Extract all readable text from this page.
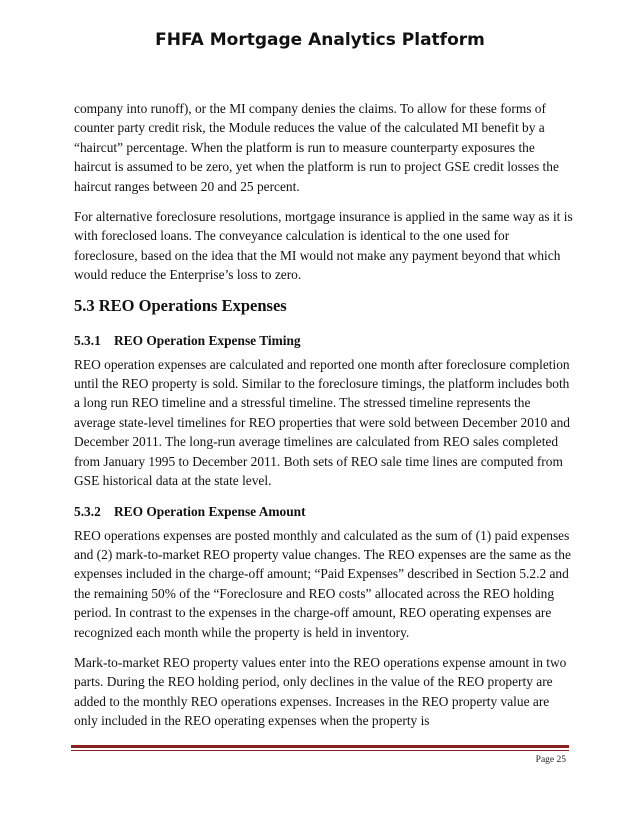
FHFA Mortgage Analytics Platform

company into runoff), or the MI company denies the claims. To allow for these forms of counter party credit risk, the Module reduces the value of the calculated MI benefit by a “haircut” percentage. When the platform is run to measure counterparty exposures the haircut is assumed to be zero, yet when the platform is run to project GSE credit losses the haircut ranges between 20 and 25 percent.

For alternative foreclosure resolutions, mortgage insurance is applied in the same way as it is with foreclosed loans. The conveyance calculation is identical to the one used for foreclosure, based on the idea that the MI would not make any payment beyond that which would reduce the Enterprise’s loss to zero.

5.3 REO Operations Expenses
5.3.1 REO Operation Expense Timing

REO operation expenses are calculated and reported one month after foreclosure completion until the REO property is sold. Similar to the foreclosure timings, the platform includes both a long run REO timeline and a stressful timeline. The stressed timeline represents the average state-level timelines for REO properties that were sold between December 2010 and December 2011. The long-run average timelines are calculated from REO sales completed from January 1995 to December 2011. Both sets of REO sale time lines are computed from GSE historical data at the state level.

5.3.2 REO Operation Expense Amount

REO operations expenses are posted monthly and calculated as the sum of (1) paid expenses and (2) mark-to-market REO property value changes. The REO expenses are the same as the expenses included in the charge-off amount; “Paid Expenses” described in Section 5.2.2 and the remaining 50% of the “Foreclosure and REO costs” allocated across the REO holding period. In contrast to the expenses in the charge-off amount, REO operating expenses are recognized each month while the property is held in inventory.

Mark-to-market REO property values enter into the REO operations expense amount in two parts. During the REO holding period, only declines in the value of the REO property are added to the monthly REO operations expenses. Increases in the REO property value are only included in the REO operating expenses when the property is

Page 25
